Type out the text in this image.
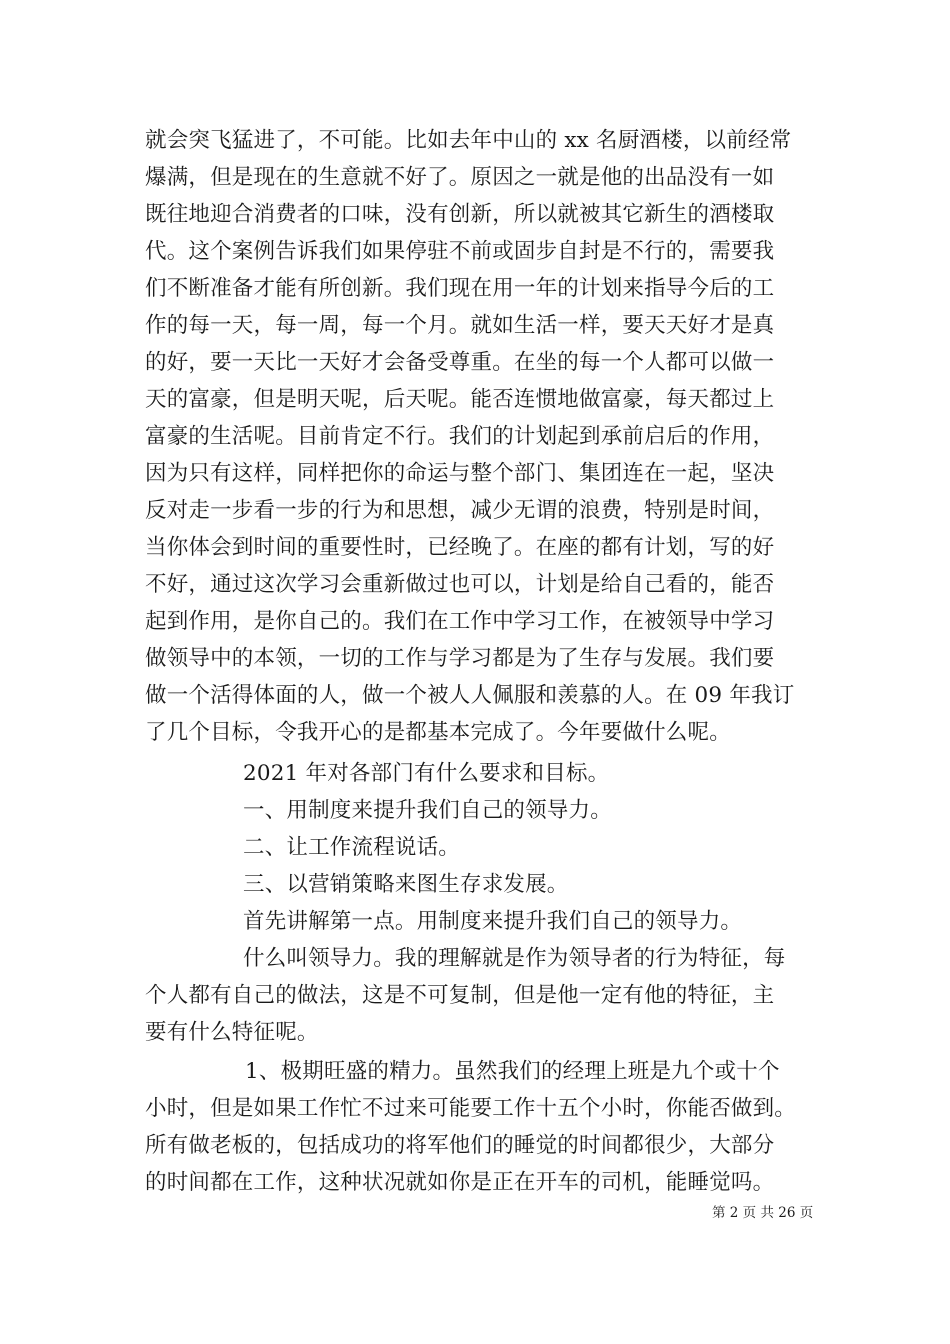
就会突飞猛进了，不可能。比如去年中山的 xx 名厨酒楼，以前经常
爆满，但是现在的生意就不好了。原因之一就是他的出品没有一如
既往地迎合消费者的口味，没有创新，所以就被其它新生的酒楼取
代。这个案例告诉我们如果停驻不前或固步自封是不行的，需要我
们不断准备才能有所创新。我们现在用一年的计划来指导今后的工
作的每一天，每一周，每一个月。就如生活一样，要天天好才是真
的好，要一天比一天好才会备受尊重。在坐的每一个人都可以做一
天的富豪，但是明天呢，后天呢。能否连惯地做富豪，每天都过上
富豪的生活呢。目前肯定不行。我们的计划起到承前启后的作用，
因为只有这样，同样把你的命运与整个部门、集团连在一起，坚决
反对走一步看一步的行为和思想，减少无谓的浪费，特别是时间，
当你体会到时间的重要性时，已经晚了。在座的都有计划，写的好
不好，通过这次学习会重新做过也可以，计划是给自己看的，能否
起到作用，是你自己的。我们在工作中学习工作，在被领导中学习
做领导中的本领，一切的工作与学习都是为了生存与发展。我们要
做一个活得体面的人，做一个被人人佩服和羡慕的人。在 09 年我订
了几个目标，令我开心的是都基本完成了。今年要做什么呢。
2021 年对各部门有什么要求和目标。
一、用制度来提升我们自己的领导力。
二、让工作流程说话。
三、以营销策略来图生存求发展。
首先讲解第一点。用制度来提升我们自己的领导力。
什么叫领导力。我的理解就是作为领导者的行为特征，每
个人都有自己的做法，这是不可复制，但是他一定有他的特征，主
要有什么特征呢。
1、极期旺盛的精力。虽然我们的经理上班是九个或十个
小时，但是如果工作忙不过来可能要工作十五个小时，你能否做到。
所有做老板的，包括成功的将军他们的睡觉的时间都很少，大部分
的时间都在工作，这种状况就如你是正在开车的司机，能睡觉吗。
第 2 页 共 26 页
